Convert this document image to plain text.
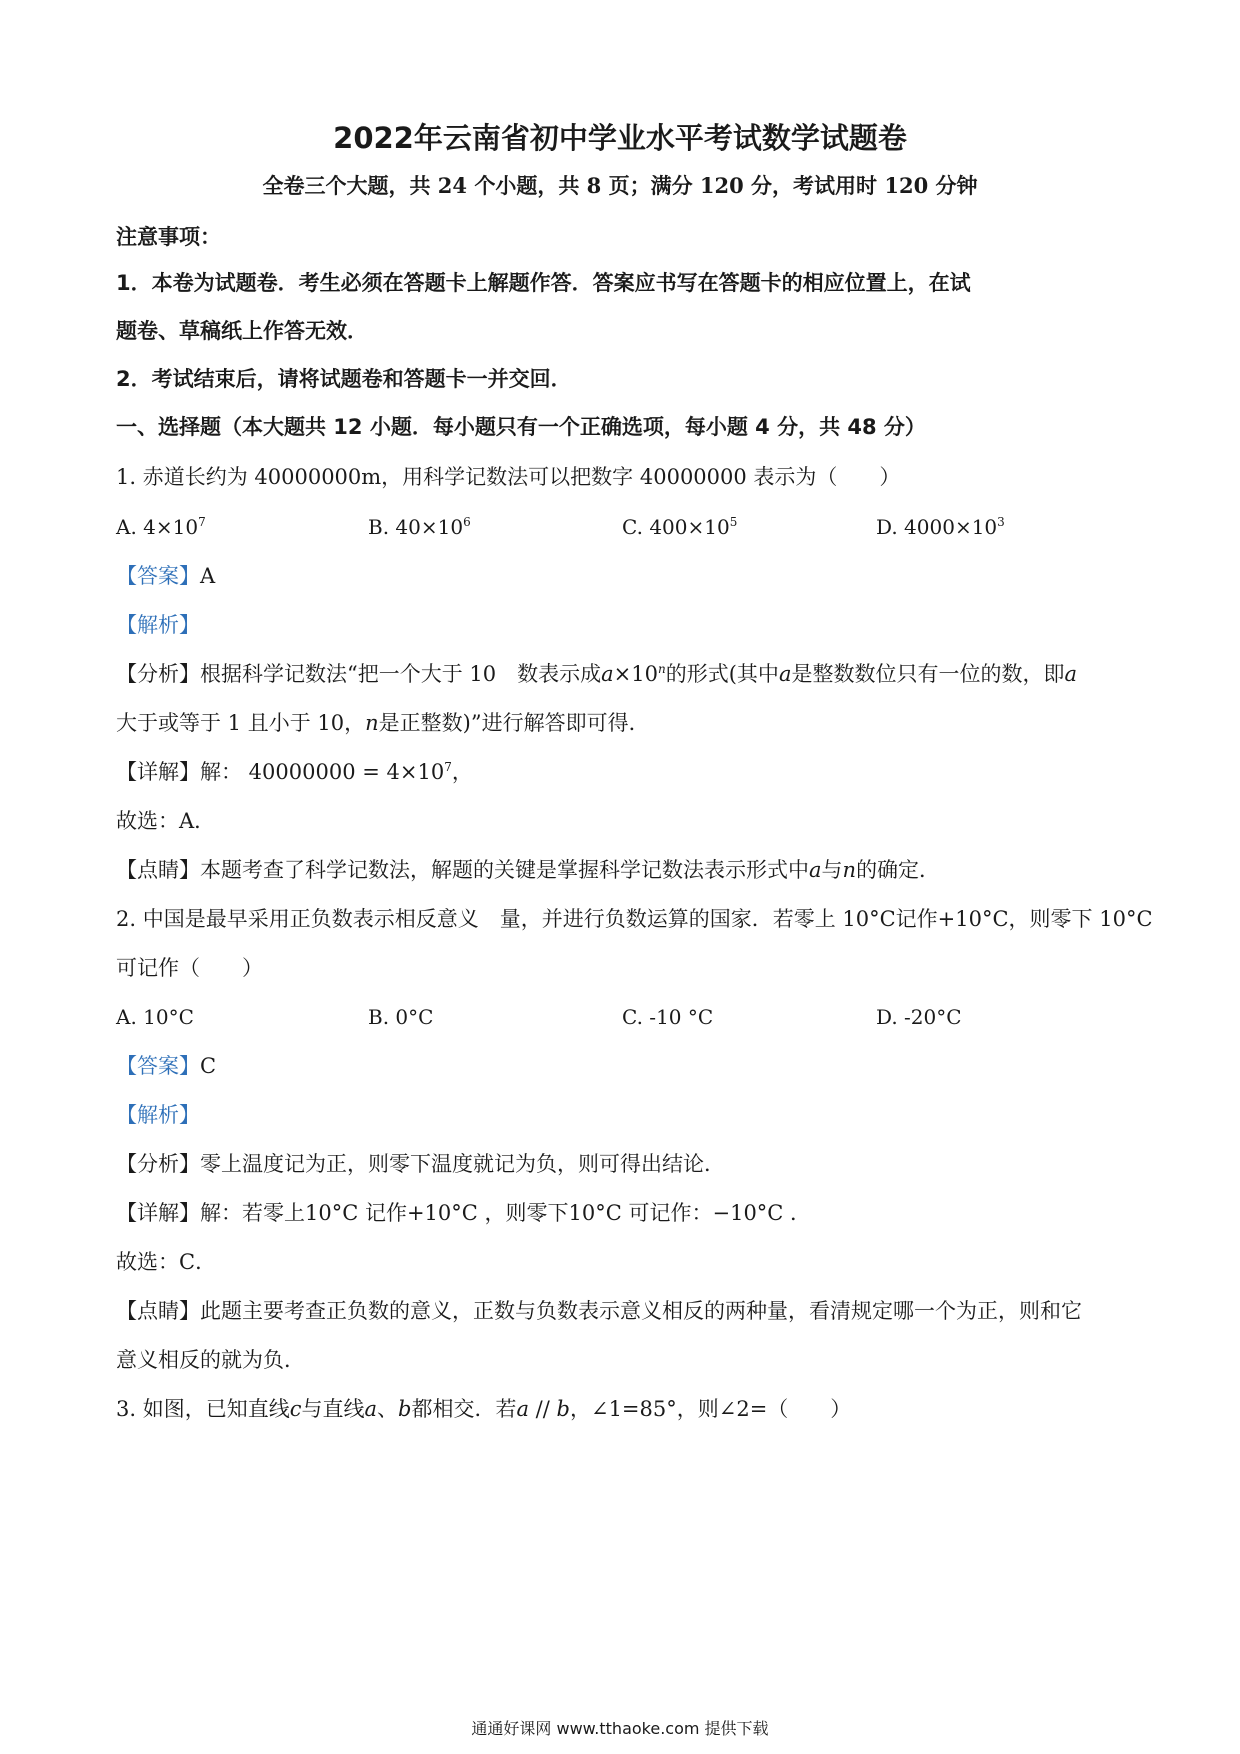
2022年云南省初中学业水平考试数学试题卷
全卷三个大题，共 24 个小题，共 8 页；满分 120 分，考试用时 120 分钟
注意事项：
1．本卷为试题卷．考生必须在答题卡上解题作答．答案应书写在答题卡的相应位置上，在试
题卷、草稿纸上作答无效．
2．考试结束后，请将试题卷和答题卡一并交回．
一、选择题（本大题共 12 小题．每小题只有一个正确选项，每小题 4 分，共 48 分）
1. 赤道长约为 40000000m，用科学记数法可以把数字 40000000 表示为（　　）
A. $4\times 10^7$	B. $40\times 10^6$	C. $400\times 10^5$	D. $4000\times 10^3$
【答案】A
【解析】
【分析】根据科学记数法“把一个大于 10　数表示成$a\times 10^n$的形式(其中a是整数数位只有一位的数，即a
大于或等于 1 且小于 10，n是正整数)”进行解答即可得．
【详解】解： $40000000 = 4\times 10^7$，
故选：A．
【点睛】本题考查了科学记数法，解题的关键是掌握科学记数法表示形式中a与n的确定．
2. 中国是最早采用正负数表示相反意义　量，并进行负数运算的国家．若零上 10°C记作+10°C，则零下 10°C
可记作（　　）
A. 10°C	B. 0°C	C. -10 °C	D. -20°C
【答案】C
【解析】
【分析】零上温度记为正，则零下温度就记为负，则可得出结论．
【详解】解：若零上10°C 记作+10°C ，则零下10°C 可记作：−10°C ．
故选：C．
【点睛】此题主要考查正负数的意义，正数与负数表示意义相反的两种量，看清规定哪一个为正，则和它
意义相反的就为负．
3. 如图，已知直线c与直线a、b都相交．若a // b，∠1=85°，则∠2=（　　）
通通好课网 www.tthaoke.com 提供下载
